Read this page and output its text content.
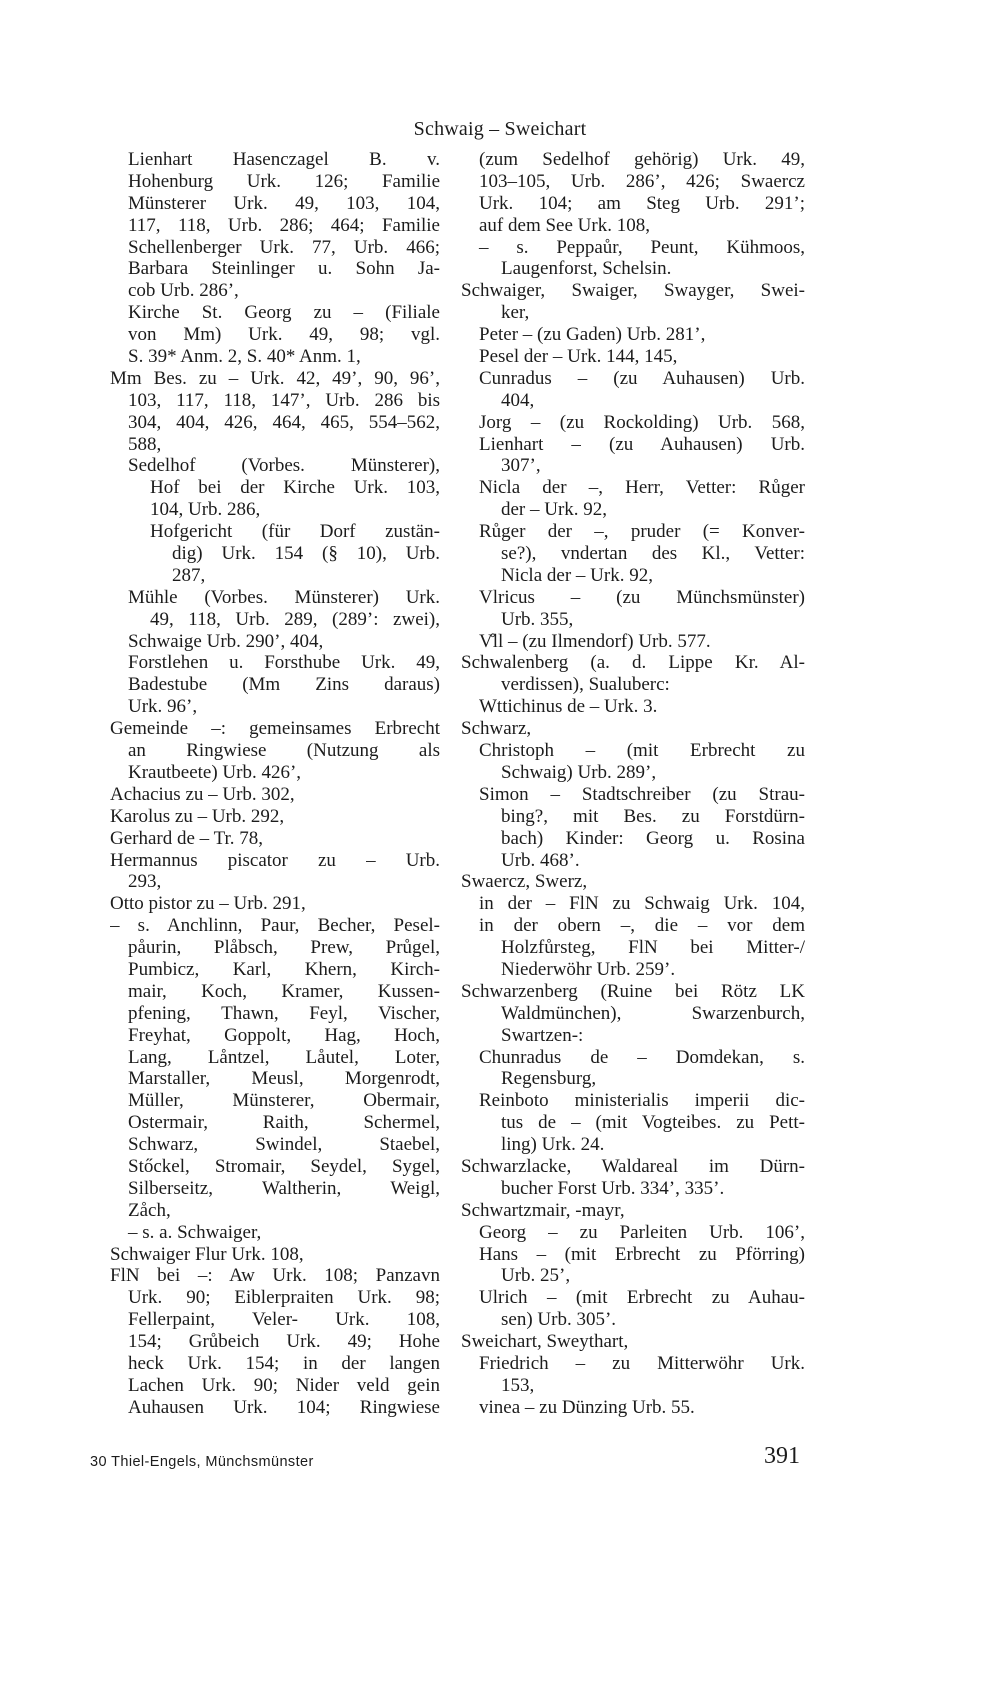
Schwaig – Sweichart
Lienhart Hasenczagel B. v.
Hohenburg Urk. 126; Familie
Münsterer Urk. 49, 103, 104,
117, 118, Urb. 286; 464; Familie
Schellenberger Urk. 77, Urb. 466;
Barbara Steinlinger u. Sohn Ja-
cob Urb. 286’,
Kirche St. Georg zu – (Filiale
von Mm) Urk. 49, 98; vgl.
S. 39* Anm. 2, S. 40* Anm. 1,
Mm Bes. zu – Urk. 42, 49’, 90, 96’,
103, 117, 118, 147’, Urb. 286 bis
304, 404, 426, 464, 465, 554–562,
588,
Sedelhof (Vorbes. Münsterer),
Hof bei der Kirche Urk. 103,
104, Urb. 286,
Hofgericht (für Dorf zustän-
dig) Urk. 154 (§ 10), Urb.
287,
Mühle (Vorbes. Münsterer) Urk.
49, 118, Urb. 289, (289’: zwei),
Schwaige Urb. 290’, 404,
Forstlehen u. Forsthube Urk. 49,
Badestube (Mm Zins daraus)
Urk. 96’,
Gemeinde –: gemeinsames Erbrecht
an Ringwiese (Nutzung als
Krautbeete) Urb. 426’,
Achacius zu – Urb. 302,
Karolus zu – Urb. 292,
Gerhard de – Tr. 78,
Hermannus piscator zu – Urb.
293,
Otto pistor zu – Urb. 291,
– s. Anchlinn, Paur, Becher, Pesel-
påurin, Plåbsch, Prew, Průgel,
Pumbicz, Karl, Khern, Kirch-
mair, Koch, Kramer, Kussen-
pfening, Thawn, Feyl, Vischer,
Freyhat, Goppolt, Hag, Hoch,
Lang, Låntzel, Låutel, Loter,
Marstaller, Meusl, Morgenrodt,
Müller, Münsterer, Obermair,
Ostermair, Raith, Schermel,
Schwarz, Swindel, Staebel,
Stőckel, Stromair, Seydel, Sygel,
Silberseitz, Waltherin, Weigl,
Zåch,
– s. a. Schwaiger,
Schwaiger Flur Urk. 108,
FlN bei –: Aw Urk. 108; Panzavn
Urk. 90; Eiblerpraiten Urk. 98;
Fellerpaint, Veler- Urk. 108,
154; Grůbeich Urk. 49; Hohe
heck Urk. 154; in der langen
Lachen Urk. 90; Nider veld gein
Auhausen Urk. 104; Ringwiese
(zum Sedelhof gehörig) Urk. 49,
103–105, Urb. 286’, 426; Swaercz
Urk. 104; am Steg Urb. 291’;
auf dem See Urk. 108,
– s. Peppaůr, Peunt, Kühmoos,
Laugenforst, Schelsin.
Schwaiger, Swaiger, Swayger, Swei-
ker,
Peter – (zu Gaden) Urb. 281’,
Pesel der – Urk. 144, 145,
Cunradus – (zu Auhausen) Urb.
404,
Jorg – (zu Rockolding) Urb. 568,
Lienhart – (zu Auhausen) Urb.
307’,
Nicla der –, Herr, Vetter: Růger
der – Urk. 92,
Růger der –, pruder (= Konver-
se?), vndertan des Kl., Vetter:
Nicla der – Urk. 92,
Vlricus – (zu Münchsmünster)
Urb. 355,
V̊ll – (zu Ilmendorf) Urb. 577.
Schwalenberg (a. d. Lippe Kr. Al-
verdissen), Sualuberc:
Wttichinus de – Urk. 3.
Schwarz,
Christoph – (mit Erbrecht zu
Schwaig) Urb. 289’,
Simon – Stadtschreiber (zu Strau-
bing?, mit Bes. zu Forstdürn-
bach) Kinder: Georg u. Rosina
Urb. 468’.
Swaercz, Swerz,
in der – FlN zu Schwaig Urk. 104,
in der obern –, die – vor dem
Holzfůrsteg, FlN bei Mitter-/
Niederwöhr Urb. 259’.
Schwarzenberg (Ruine bei Rötz LK
Waldmünchen), Swarzenburch,
Swartzen-:
Chunradus de – Domdekan, s.
Regensburg,
Reinboto ministerialis imperii dic-
tus de – (mit Vogteibes. zu Pett-
ling) Urk. 24.
Schwarzlacke, Waldareal im Dürn-
bucher Forst Urb. 334’, 335’.
Schwartzmair, -mayr,
Georg – zu Parleiten Urb. 106’,
Hans – (mit Erbrecht zu Pförring)
Urb. 25’,
Ulrich – (mit Erbrecht zu Auhau-
sen) Urb. 305’.
Sweichart, Sweythart,
Friedrich – zu Mitterwöhr Urk.
153,
vinea – zu Dünzing Urb. 55.
30 Thiel-Engels, Münchsmünster	391
